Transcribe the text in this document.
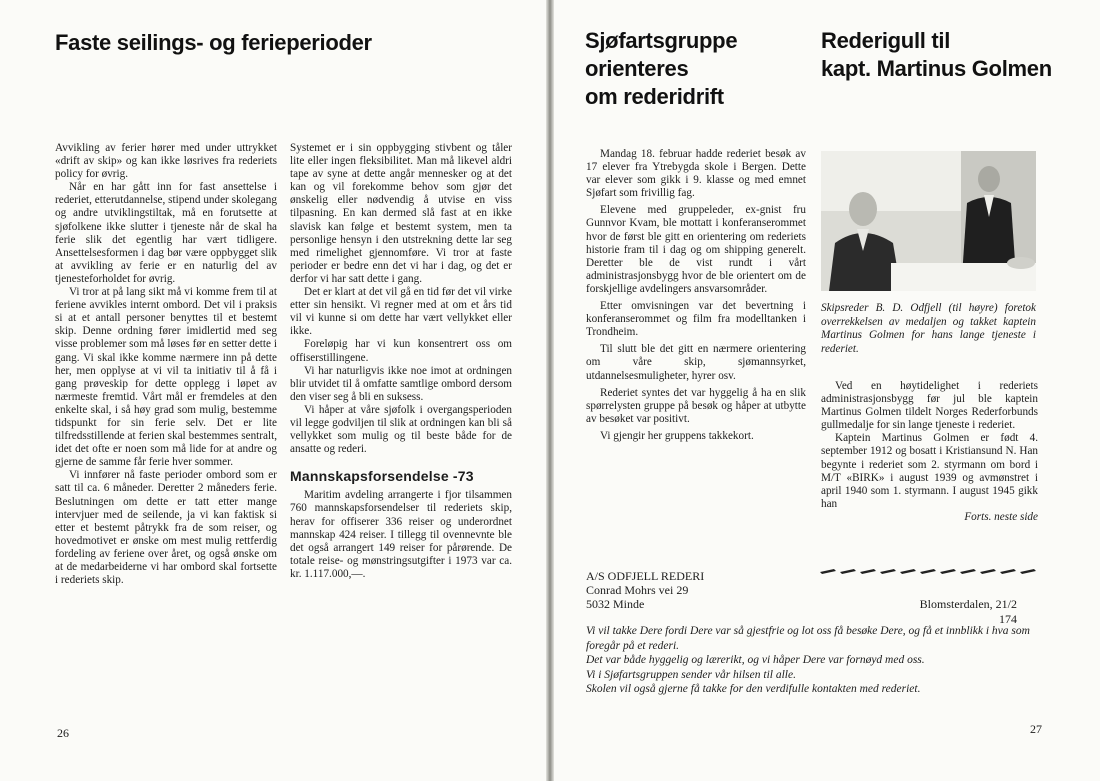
Faste seilings- og ferieperioder

Avvikling av ferier hører med under uttrykket «drift av skip» og kan ikke løsrives fra rederiets policy for øvrig.

Når en har gått inn for fast ansettelse i rederiet, etterutdannelse, stipend under skolegang og andre utviklingstiltak, må en forutsette at sjøfolkene ikke slutter i tjeneste når de skal ha ferie slik det egentlig har vært tidligere. Ansettelsesformen i dag bør være oppbygget slik at avvikling av ferie er en naturlig del av tjenesteforholdet for øvrig.

Vi tror at på lang sikt må vi komme frem til at feriene avvikles internt ombord. Det vil i praksis si at et antall personer benyttes til et bestemt skip. Denne ordning fører imidlertid med seg visse problemer som må løses før en setter dette i gang. Vi skal ikke komme nærmere inn på dette her, men opplyse at vi vil ta initiativ til å få i gang prøveskip for dette opplegg i løpet av nærmeste fremtid. Vårt mål er fremdeles at den enkelte skal, i så høy grad som mulig, bestemme tidspunkt for sin ferie selv. Det er lite tilfredsstillende at ferien skal bestemmes sentralt, idet det ofte er noen som må lide for at andre og gjerne de samme får ferie hver sommer.

Vi innfører nå faste perioder ombord som er satt til ca. 6 måneder. Deretter 2 måneders ferie. Beslutningen om dette er tatt etter mange intervjuer med de seilende, ja vi kan faktisk si etter et bestemt påtrykk fra de som reiser, og hovedmotivet er ønske om mest mulig rettferdig fordeling av feriene over året, og også ønske om at de medarbeiderne vi har ombord skal fortsette i rederiets skip.

Systemet er i sin oppbygging stivbent og tåler lite eller ingen fleksibilitet. Man må likevel aldri tape av syne at dette angår mennesker og at det kan og vil forekomme behov som gjør det ønskelig eller nødvendig å utvise en viss tilpasning. En kan dermed slå fast at en ikke slavisk kan følge et bestemt system, men ta personlige hensyn i den utstrekning dette lar seg med rimelighet gjennomføre. Vi tror at faste perioder er bedre enn det vi har i dag, og det er derfor vi har satt dette i gang.

Det er klart at det vil gå en tid før det vil virke etter sin hensikt. Vi regner med at om et års tid vil vi kunne si om dette har vært vellykket eller ikke.

Foreløpig har vi kun konsentrert oss om offiserstillingene.

Vi har naturligvis ikke noe imot at ordningen blir utvidet til å omfatte samtlige ombord dersom den viser seg å bli en suksess.

Vi håper at våre sjøfolk i overgangsperioden vil legge godviljen til slik at ordningen kan bli så vellykket som mulig og til beste både for de ansatte og rederi.

Mannskapsforsendelse -73

Maritim avdeling arrangerte i fjor tilsammen 760 mannskapsforsendelser til rederiets skip, herav for offiserer 336 reiser og underordnet mannskap 424 reiser. I tillegg til ovennevnte ble det også arrangert 149 reiser for pårørende. De totale reise- og mønstringsutgifter i 1973 var ca. kr. 1.117.000,—.

26
Sjøfartsgruppe
orienteres
om rederidrift
Rederigull til
kapt. Martinus Golmen

Mandag 18. februar hadde rederiet besøk av 17 elever fra Ytrebygda skole i Bergen. Dette var elever som gikk i 9. klasse og med emnet Sjøfart som frivillig fag.

Elevene med gruppeleder, ex-gnist fru Gunnvor Kvam, ble mottatt i konferanserommet hvor de først ble gitt en orientering om rederiets historie fram til i dag og om shipping generelt. Deretter ble de vist rundt i vårt administrasjonsbygg hvor de ble orientert om de forskjellige avdelingers ansvarsområder.

Etter omvisningen var det bevertning i konferanserommet og film fra modelltanken i Trondheim.

Til slutt ble det gitt en nærmere orientering om våre skip, sjømannsyrket, utdannelsesmuligheter, hyrer osv.

Rederiet syntes det var hyggelig å ha en slik spørrelysten gruppe på besøk og håper at utbytte av besøket var positivt.

Vi gjengir her gruppens takkekort.

Skipsreder B. D. Odfjell (til høyre) foretok overrekkelsen av medaljen og takket kaptein Martinus Golmen for hans lange tjeneste i rederiet.

Ved en høytidelighet i rederiets administrasjonsbygg før jul ble kaptein Martinus Golmen tildelt Norges Rederforbunds gullmedalje for sin lange tjeneste i rederiet.

Kaptein Martinus Golmen er født 4. september 1912 og bosatt i Kristiansund N. Han begynte i rederiet som 2. styrmann om bord i M/T «BIRK» i august 1939 og avmønstret i april 1940 som 1. styrmann. I august 1945 gikk han

Forts. neste side

A/S ODFJELL REDERI
Conrad Mohrs vei 29
5032 Minde	Blomsterdalen, 21/2 174
Vi vil takke Dere fordi Dere var så gjestfrie og lot oss få besøke Dere, og få et innblikk i hva som foregår på et rederi.
Det var både hyggelig og lærerikt, og vi håper Dere var fornøyd med oss.
Vi i Sjøfartsgruppen sender vår hilsen til alle.
Skolen vil også gjerne få takke for den verdifulle kontakten med rederiet.
27
